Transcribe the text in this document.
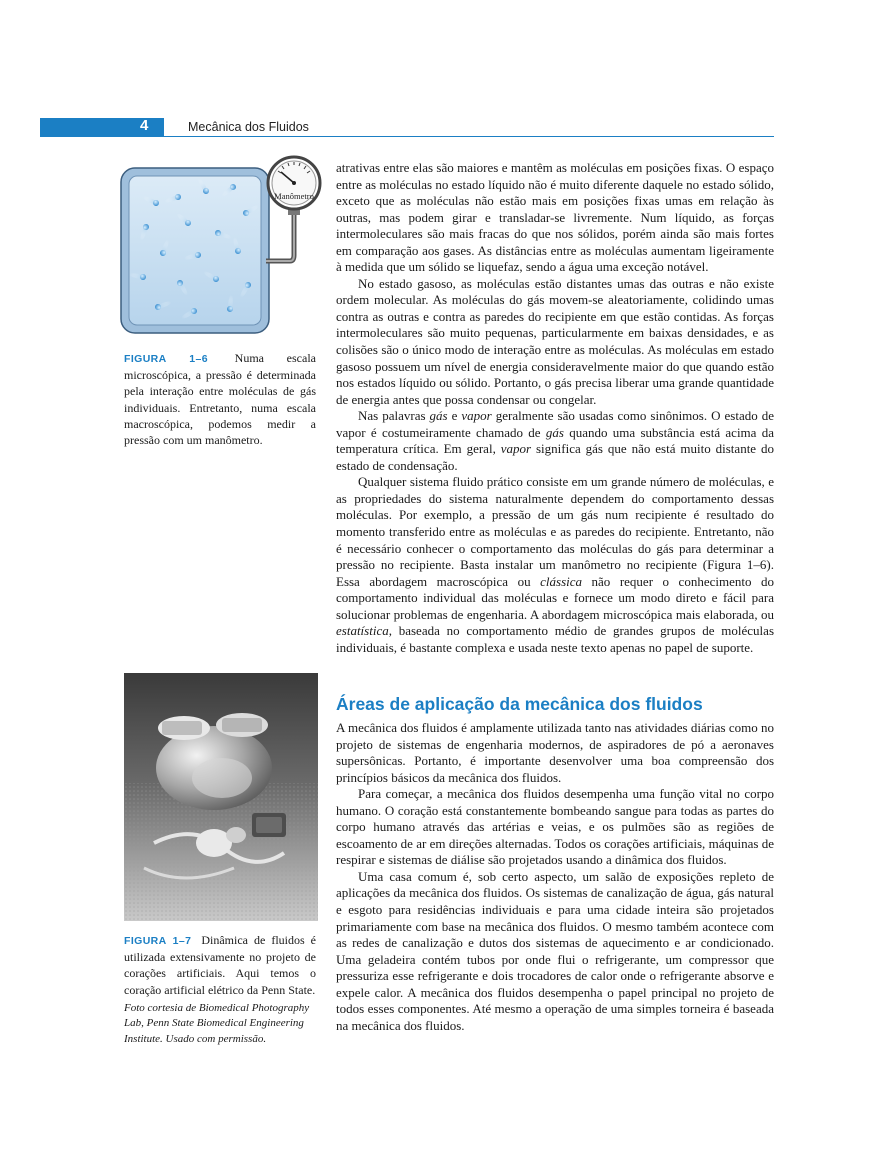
4	Mecânica dos Fluidos
Manômetro
FIGURA 1–6 Numa escala microscópica, a pressão é determinada pela interação entre moléculas de gás individuais. Entretanto, numa escala macroscópica, podemos medir a pressão com um manômetro.
FIGURA 1–7 Dinâmica de fluidos é utilizada extensivamente no projeto de corações artificiais. Aqui temos o coração artificial elétrico da Penn State.
Foto cortesia de Biomedical Photography Lab, Penn State Biomedical Engineering Institute. Usado com permissão.

atrativas entre elas são maiores e mantêm as moléculas em posições fixas. O espaço entre as moléculas no estado líquido não é muito diferente daquele no estado sólido, exceto que as moléculas não estão mais em posições fixas umas em relação às outras, mas podem girar e transladar-se livremente. Num líquido, as forças intermoleculares são mais fracas do que nos sólidos, porém ainda são mais fortes em comparação aos gases. As distâncias entre as moléculas aumentam ligeiramente à medida que um sólido se liquefaz, sendo a água uma exceção notável.

No estado gasoso, as moléculas estão distantes umas das outras e não existe ordem molecular. As moléculas do gás movem-se aleatoriamente, colidindo umas contra as outras e contra as paredes do recipiente em que estão contidas. As forças intermoleculares são muito pequenas, particularmente em baixas densidades, e as colisões são o único modo de interação entre as moléculas. As moléculas em estado gasoso possuem um nível de energia consideravelmente maior do que quando estão nos estados líquido ou sólido. Portanto, o gás precisa liberar uma grande quantidade de energia antes que possa condensar ou congelar.

Nas palavras gás e vapor geralmente são usadas como sinônimos. O estado de vapor é costumeiramente chamado de gás quando uma substância está acima da temperatura crítica. Em geral, vapor significa gás que não está muito distante do estado de condensação.

Qualquer sistema fluido prático consiste em um grande número de moléculas, e as propriedades do sistema naturalmente dependem do comportamento dessas moléculas. Por exemplo, a pressão de um gás num recipiente é resultado do momento transferido entre as moléculas e as paredes do recipiente. Entretanto, não é necessário conhecer o comportamento das moléculas do gás para determinar a pressão no recipiente. Basta instalar um manômetro no recipiente (Figura 1–6). Essa abordagem macroscópica ou clássica não requer o conhecimento do comportamento individual das moléculas e fornece um modo direto e fácil para solucionar problemas de engenharia. A abordagem microscópica mais elaborada, ou estatística, baseada no comportamento médio de grandes grupos de moléculas individuais, é bastante complexa e usada neste texto apenas no papel de suporte.

Áreas de aplicação da mecânica dos fluidos

A mecânica dos fluidos é amplamente utilizada tanto nas atividades diárias como no projeto de sistemas de engenharia modernos, de aspiradores de pó a aeronaves supersônicas. Portanto, é importante desenvolver uma boa compreensão dos princípios básicos da mecânica dos fluidos.

Para começar, a mecânica dos fluidos desempenha uma função vital no corpo humano. O coração está constantemente bombeando sangue para todas as partes do corpo humano através das artérias e veias, e os pulmões são as regiões de escoamento de ar em direções alternadas. Todos os corações artificiais, máquinas de respirar e sistemas de diálise são projetados usando a dinâmica dos fluidos.

Uma casa comum é, sob certo aspecto, um salão de exposições repleto de aplicações da mecânica dos fluidos. Os sistemas de canalização de água, gás natural e esgoto para residências individuais e para uma cidade inteira são projetados primariamente com base na mecânica dos fluidos. O mesmo também acontece com as redes de canalização e dutos dos sistemas de aquecimento e ar condicionado. Uma geladeira contém tubos por onde flui o refrigerante, um compressor que pressuriza esse refrigerante e dois trocadores de calor onde o refrigerante absorve e expele calor. A mecânica dos fluidos desempenha o papel principal no projeto de todos esses componentes. Até mesmo a operação de uma simples torneira é baseada na mecânica dos fluidos.
